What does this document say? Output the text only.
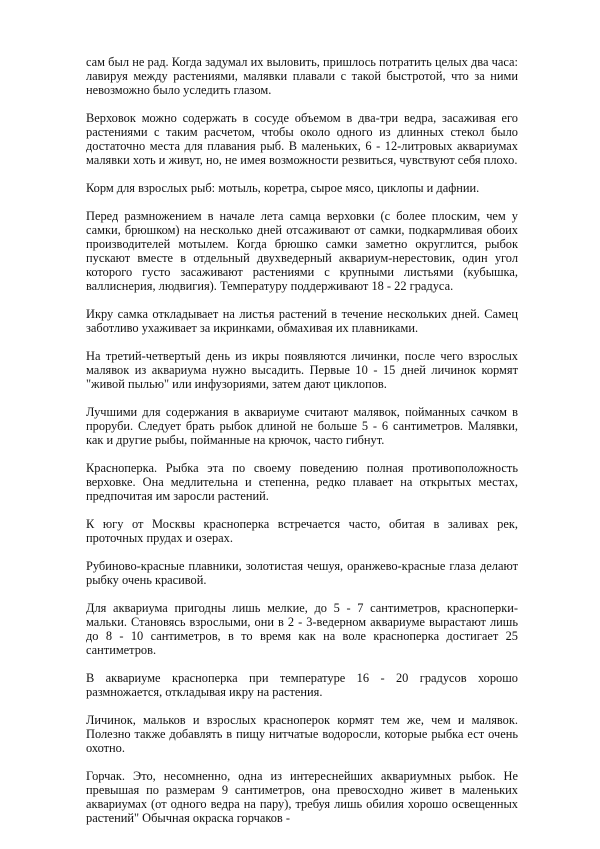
сам был не рад. Когда задумал их выловить, пришлось потратить целых два часа: лавируя между растениями, малявки плавали с такой быстротой, что за ними невозможно было уследить глазом.

Верховок можно содержать в сосуде объемом в два-три ведра, засаживая его растениями с таким расчетом, чтобы около одного из длинных стекол было достаточно места для плавания рыб. В маленьких, 6 - 12-литровых аквариумах малявки хоть и живут, но, не имея возможности резвиться, чувствуют себя плохо.

Корм для взрослых рыб: мотыль, коретра, сырое мясо, циклопы и дафнии.

Перед размножением в начале лета самца верховки (с более плоским, чем у самки, брюшком) на несколько дней отсаживают от самки, подкармливая обоих производителей мотылем. Когда брюшко самки заметно округлится, рыбок пускают вместе в отдельный двухведерный аквариум-нерестовик, один угол которого густо засаживают растениями с крупными листьями (кубышка, валлиснерия, людвигия). Температуру поддерживают 18 - 22 градуса.

Икру самка откладывает на листья растений в течение нескольких дней. Самец заботливо ухаживает за икринками, обмахивая их плавниками.

На третий-четвертый день из икры появляются личинки, после чего взрослых малявок из аквариума нужно высадить. Первые 10 - 15 дней личинок кормят "живой пылью" или инфузориями, затем дают циклопов.

Лучшими для содержания в аквариуме считают малявок, пойманных сачком в проруби. Следует брать рыбок длиной не больше 5 - 6 сантиметров. Малявки, как и другие рыбы, пойманные на крючок, часто гибнут.

Красноперка. Рыбка эта по своему поведению полная противоположность верховке. Она медлительна и степенна, редко плавает на открытых местах, предпочитая им заросли растений.

К югу от Москвы красноперка встречается часто, обитая в заливах рек, проточных прудах и озерах.

Рубиново-красные плавники, золотистая чешуя, оранжево-красные глаза делают рыбку очень красивой.

Для аквариума пригодны лишь мелкие, до 5 - 7 сантиметров, красноперки-мальки. Становясь взрослыми, они в 2 - 3-ведерном аквариуме вырастают лишь до 8 - 10 сантиметров, в то время как на воле красноперка достигает 25 сантиметров.

В аквариуме красноперка при температуре 16 - 20 градусов хорошо размножается, откладывая икру на растения.

Личинок, мальков и взрослых красноперок кормят тем же, чем и малявок. Полезно также добавлять в пищу нитчатые водоросли, которые рыбка ест очень охотно.

Горчак. Это, несомненно, одна из интереснейших аквариумных рыбок. Не превышая по размерам 9 сантиметров, она превосходно живет в маленьких аквариумах (от одного ведра на пару), требуя лишь обилия хорошо освещенных растений" Обычная окраска горчаков -
